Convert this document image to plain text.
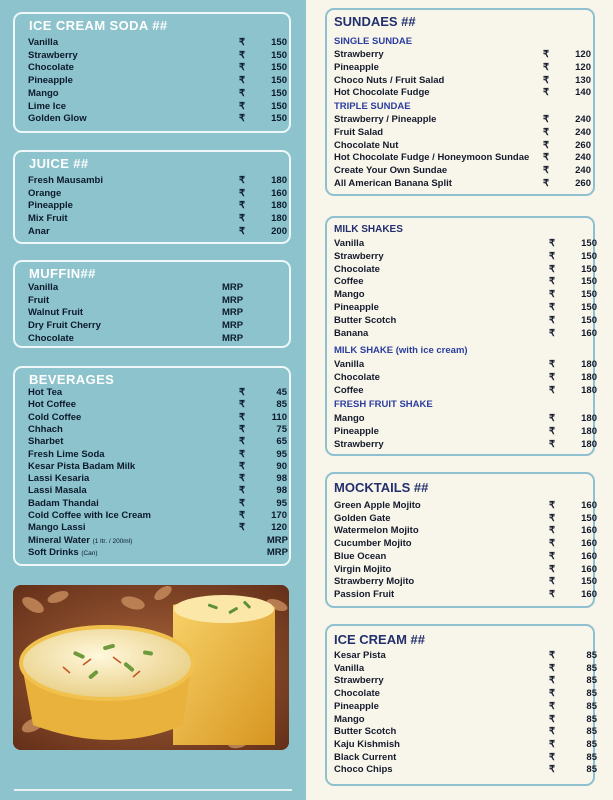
ICE CREAM SODA ##
Vanilla	₹	150
Strawberry	₹	150
Chocolate	₹	150
Pineapple	₹	150
Mango	₹	150
Lime Ice	₹	150
Golden Glow	₹	150
JUICE ##
Fresh Mausambi	₹	180
Orange	₹	160
Pineapple	₹	180
Mix Fruit	₹	180
Anar	₹	200
MUFFIN##
Vanilla	MRP
Fruit	MRP
Walnut Fruit	MRP
Dry Fruit Cherry	MRP
Chocolate	MRP
BEVERAGES
Mineral Water (1 ltr. / 200ml)	MRP
Soft Drinks (Can)	MRP
Hot Tea	₹	45
Hot Coffee	₹	85
Cold Coffee	₹	110
Chhach	₹	75
Sharbet	₹	65
Fresh Lime Soda	₹	95
Kesar Pista Badam Milk	₹	90
Lassi Kesaria	₹	98
Lassi Masala	₹	98
Badam Thandai	₹	95
Cold Coffee with Ice Cream	₹	170
Mango Lassi	₹	120
SUNDAES ##
SINGLE SUNDAE
TRIPLE SUNDAE
Strawberry	₹	120
Pineapple	₹	120
Choco Nuts / Fruit Salad	₹	130
Hot Chocolate Fudge	₹	140
Strawberry / Pineapple	₹	240
Fruit Salad	₹	240
Chocolate Nut	₹	260
Hot Chocolate Fudge / Honeymoon Sundae ₹	240
Create Your Own Sundae	₹	240
All American Banana Split	₹	260
MILK SHAKES
MILK SHAKE (with ice cream)
FRESH FRUIT SHAKE
Vanilla	₹	150
Strawberry	₹	150
Chocolate	₹	150
Coffee	₹	150
Mango	₹	150
Pineapple	₹	150
Butter Scotch	₹	150
Banana	₹	160
Vanilla	₹	180
Chocolate	₹	180
Coffee	₹	180
Mango	₹	180
Pineapple	₹	180
Strawberry	₹	180
MOCKTAILS ##
Green Apple Mojito	₹	160
Golden Gate	₹	150
Watermelon Mojito	₹	160
Cucumber Mojito	₹	160
Blue Ocean	₹	160
Virgin Mojito	₹	160
Strawberry Mojito	₹	150
Passion Fruit	₹	160
ICE CREAM ##
Kesar Pista	₹	85
Vanilla	₹	85
Strawberry	₹	85
Chocolate	₹	85
Pineapple	₹	85
Mango	₹	85
Butter Scotch	₹	85
Kaju Kishmish	₹	85
Black Current	₹	85
Choco Chips	₹	85
